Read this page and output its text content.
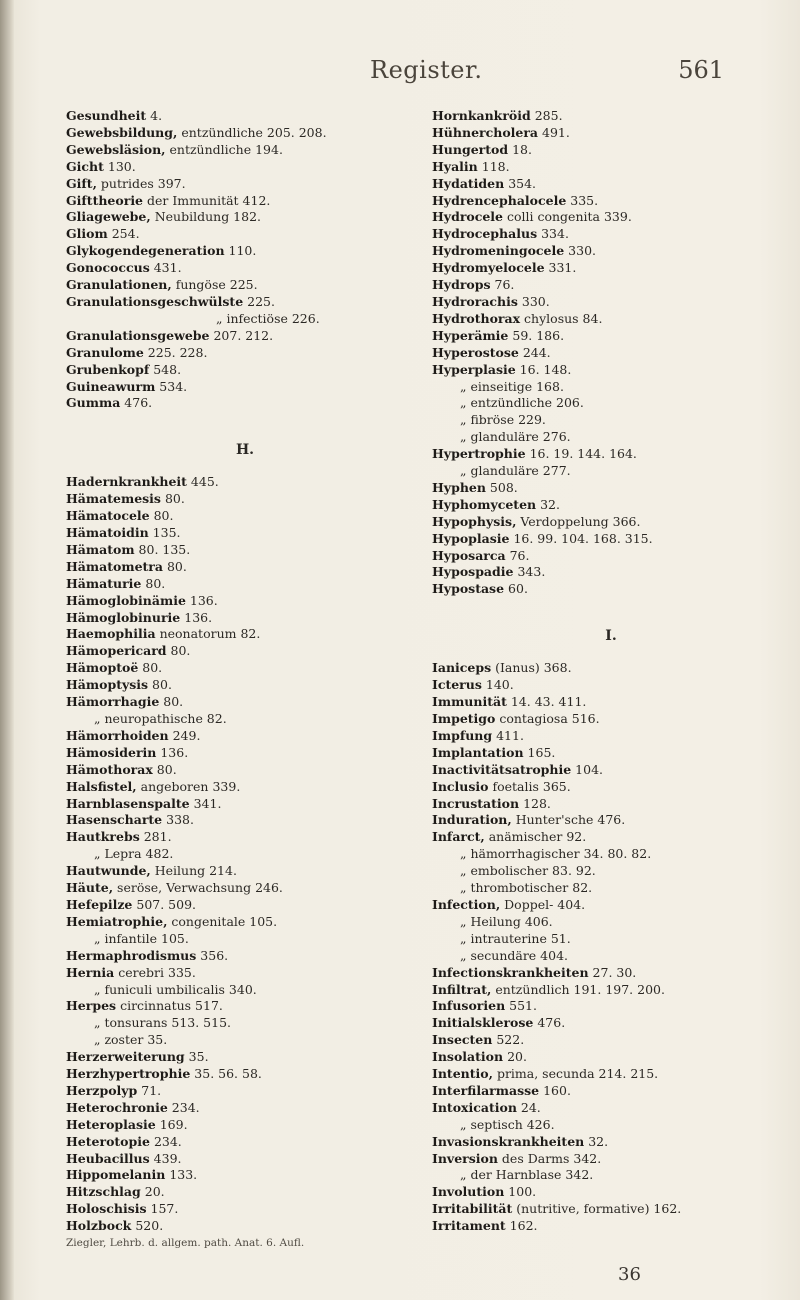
Register.	561
Gesundheit 4.
Gewebsbildung, entzündliche 205. 208.
Gewebsläsion, entzündliche 194.
Gicht 130.
Gift, putrides 397.
Gifttheorie der Immunität 412.
Gliagewebe, Neubildung 182.
Gliom 254.
Glykogendegeneration 110.
Gonococcus 431.
Granulationen, fungöse 225.
Granulationsgeschwülste 225.
„ infectiöse 226.
Granulationsgewebe 207. 212.
Granulome 225. 228.
Grubenkopf 548.
Guineawurm 534.
Gumma 476.
H.
Hadernkrankheit 445.
Hämatemesis 80.
Hämatocele 80.
Hämatoidin 135.
Hämatom 80. 135.
Hämatometra 80.
Hämaturie 80.
Hämoglobinämie 136.
Hämoglobinurie 136.
Haemophilia neonatorum 82.
Hämopericard 80.
Hämoptoë 80.
Hämoptysis 80.
Hämorrhagie 80.
„ neuropathische 82.
Hämorrhoiden 249.
Hämosiderin 136.
Hämothorax 80.
Halsfistel, angeboren 339.
Harnblasenspalte 341.
Hasenscharte 338.
Hautkrebs 281.
„ Lepra 482.
Hautwunde, Heilung 214.
Häute, seröse, Verwachsung 246.
Hefepilze 507. 509.
Hemiatrophie, congenitale 105.
„ infantile 105.
Hermaphrodismus 356.
Hernia cerebri 335.
„ funiculi umbilicalis 340.
Herpes circinnatus 517.
„ tonsurans 513. 515.
„ zoster 35.
Herzerweiterung 35.
Herzhypertrophie 35. 56. 58.
Herzpolyp 71.
Heterochronie 234.
Heteroplasie 169.
Heterotopie 234.
Heubacillus 439.
Hippomelanin 133.
Hitzschlag 20.
Holoschisis 157.
Holzbock 520.
Ziegler, Lehrb. d. allgem. path. Anat. 6. Aufl.
Hornkankröid 285.
Hühnercholera 491.
Hungertod 18.
Hyalin 118.
Hydatiden 354.
Hydrencephalocele 335.
Hydrocele colli congenita 339.
Hydrocephalus 334.
Hydromeningocele 330.
Hydromyelocele 331.
Hydrops 76.
Hydrorachis 330.
Hydrothorax chylosus 84.
Hyperämie 59. 186.
Hyperostose 244.
Hyperplasie 16. 148.
„ einseitige 168.
„ entzündliche 206.
„ fibröse 229.
„ glanduläre 276.
Hypertrophie 16. 19. 144. 164.
„ glanduläre 277.
Hyphen 508.
Hyphomyceten 32.
Hypophysis, Verdoppelung 366.
Hypoplasie 16. 99. 104. 168. 315.
Hyposarca 76.
Hypospadie 343.
Hypostase 60.
I.
Ianiceps (Ianus) 368.
Icterus 140.
Immunität 14. 43. 411.
Impetigo contagiosa 516.
Impfung 411.
Implantation 165.
Inactivitätsatrophie 104.
Inclusio foetalis 365.
Incrustation 128.
Induration, Hunter'sche 476.
Infarct, anämischer 92.
„ hämorrhagischer 34. 80. 82.
„ embolischer 83. 92.
„ thrombotischer 82.
Infection, Doppel- 404.
„ Heilung 406.
„ intrauterine 51.
„ secundäre 404.
Infectionskrankheiten 27. 30.
Infiltrat, entzündlich 191. 197. 200.
Infusorien 551.
Initialsklerose 476.
Insecten 522.
Insolation 20.
Intentio, prima, secunda 214. 215.
Interfilarmasse 160.
Intoxication 24.
„ septisch 426.
Invasionskrankheiten 32.
Inversion des Darms 342.
„ der Harnblase 342.
Involution 100.
Irritabilität (nutritive, formative) 162.
Irritament 162.
36
